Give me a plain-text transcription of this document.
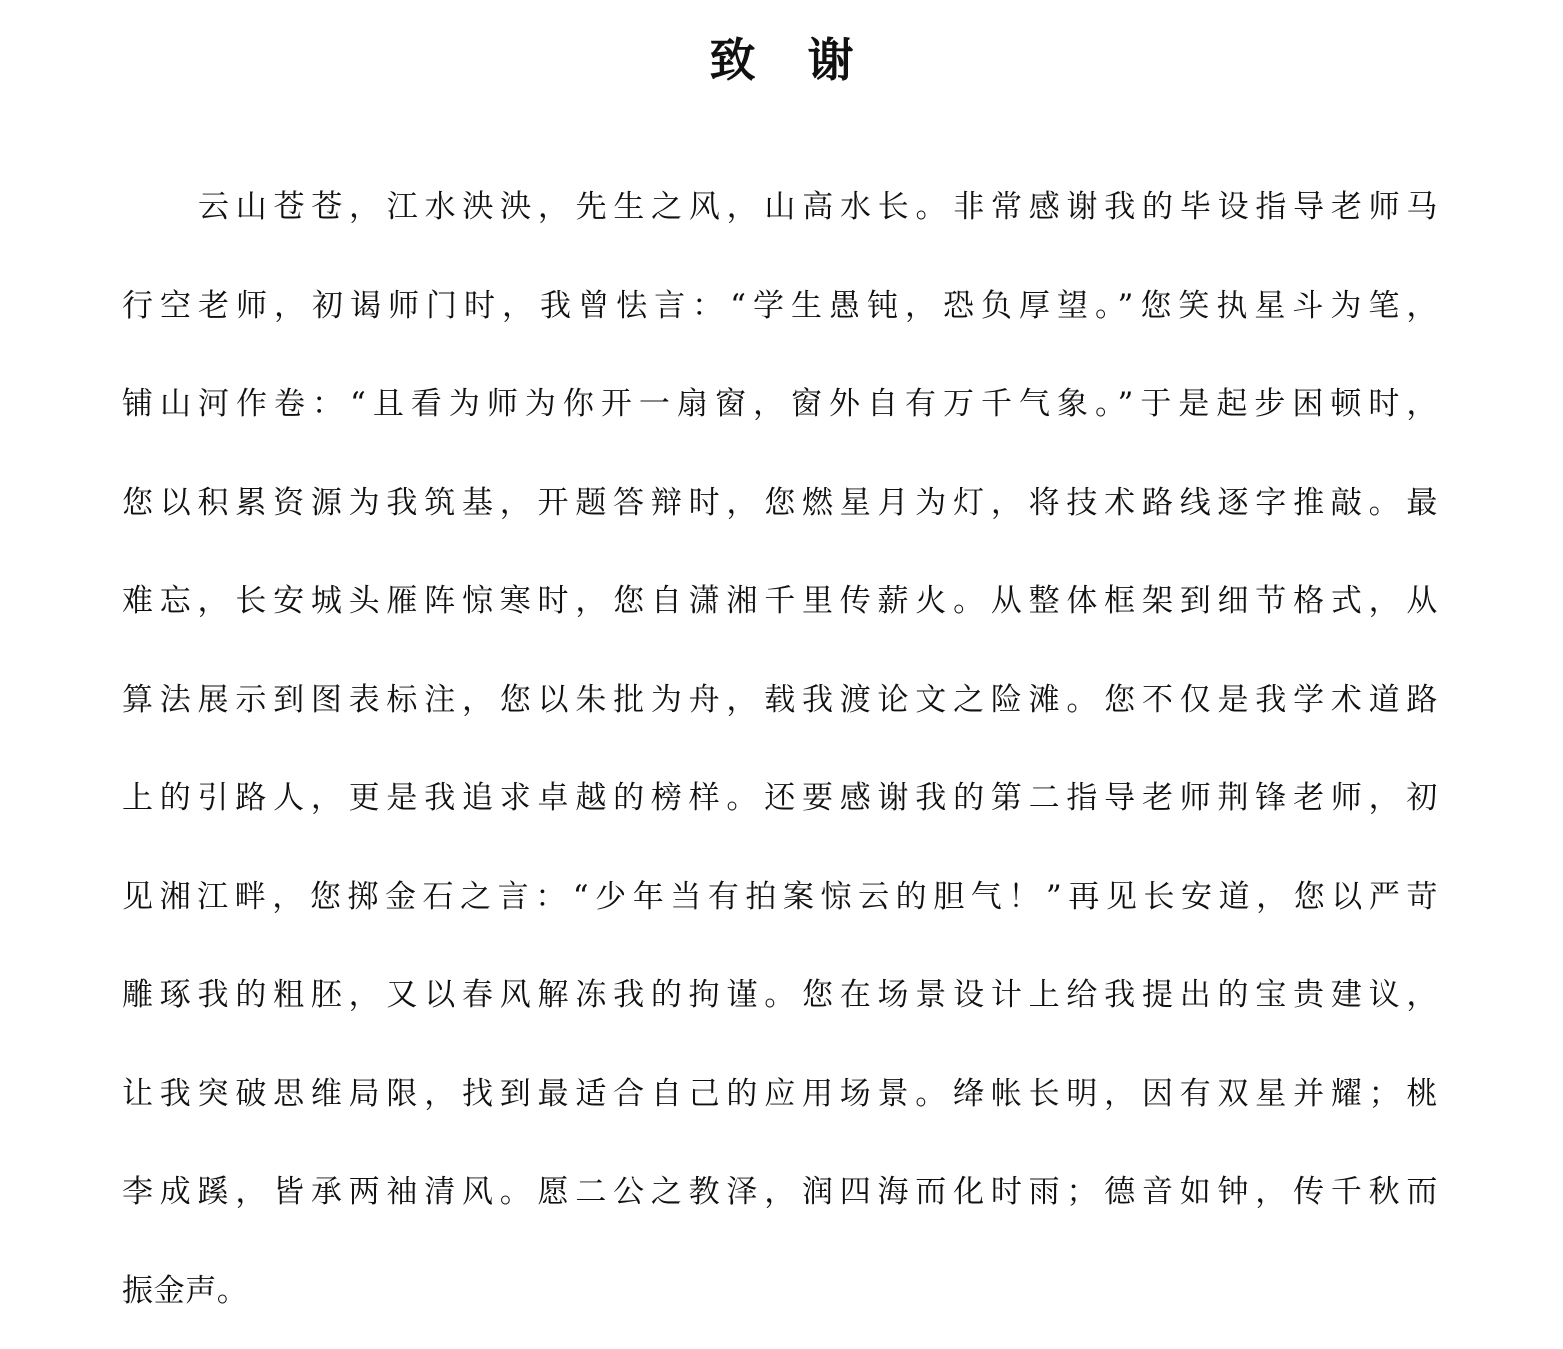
致 谢
云山苍苍，江水泱泱，先生之风，山高水长。非常感谢我的毕设指导老师马
行空老师，初谒师门时，我曾怯言：“学生愚钝，恐负厚望。”您笑执星斗为笔，
铺山河作卷：“且看为师为你开一扇窗，窗外自有万千气象。”于是起步困顿时，
您以积累资源为我筑基，开题答辩时，您燃星月为灯，将技术路线逐字推敲。最
难忘，长安城头雁阵惊寒时，您自潇湘千里传薪火。从整体框架到细节格式，从
算法展示到图表标注，您以朱批为舟，载我渡论文之险滩。您不仅是我学术道路
上的引路人，更是我追求卓越的榜样。还要感谢我的第二指导老师荆锋老师，初
见湘江畔，您掷金石之言：“少年当有拍案惊云的胆气！”再见长安道，您以严苛
雕琢我的粗胚，又以春风解冻我的拘谨。您在场景设计上给我提出的宝贵建议，
让我突破思维局限，找到最适合自己的应用场景。绛帐长明，因有双星并耀；桃
李成蹊，皆承两袖清风。愿二公之教泽，润四海而化时雨；德音如钟，传千秋而
振金声。
